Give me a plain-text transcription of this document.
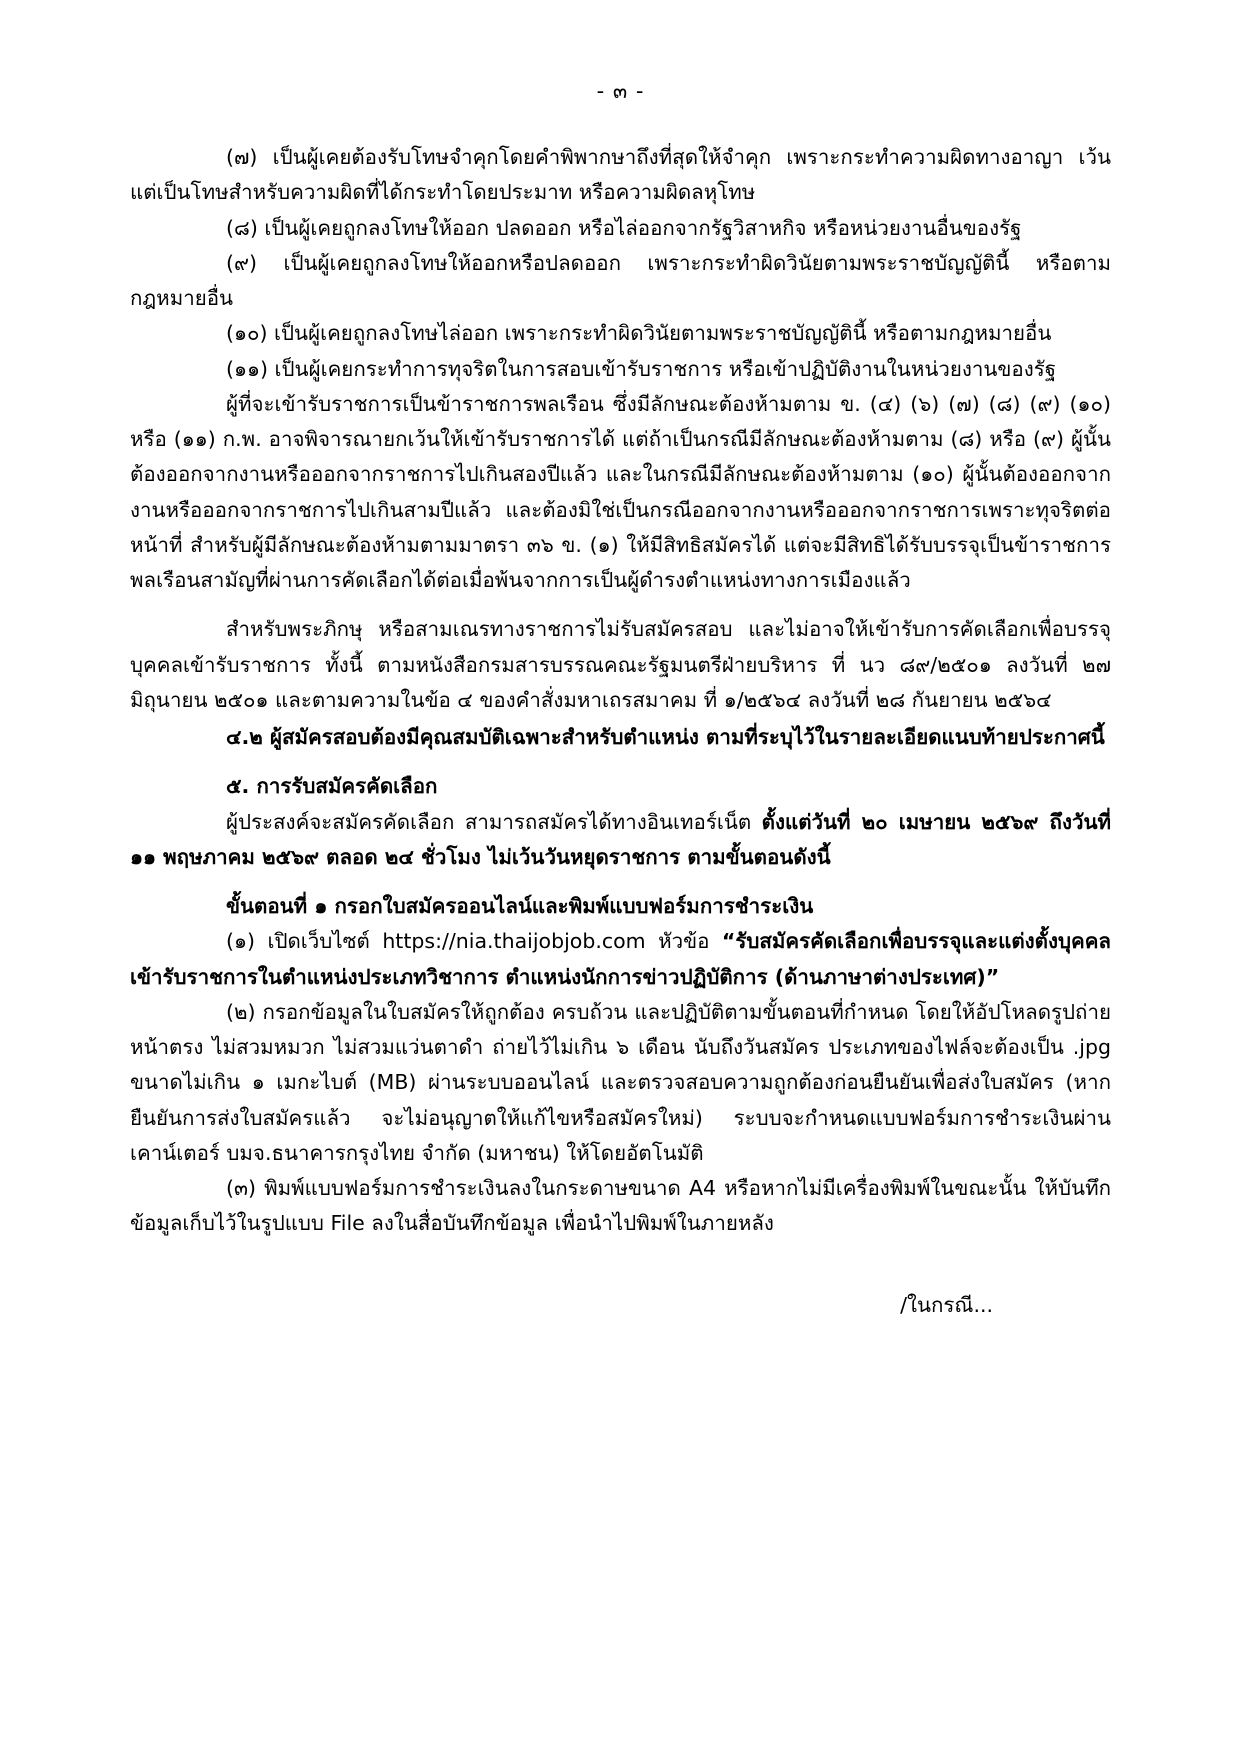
- ๓ -

(๗) เป็นผู้เคยต้องรับโทษจำคุกโดยคำพิพากษาถึงที่สุดให้จำคุก เพราะกระทำความผิดทางอาญา เว้นแต่เป็นโทษสำหรับความผิดที่ได้กระทำโดยประมาท หรือความผิดลหุโทษ

(๘) เป็นผู้เคยถูกลงโทษให้ออก ปลดออก หรือไล่ออกจากรัฐวิสาหกิจ หรือหน่วยงานอื่นของรัฐ

(๙) เป็นผู้เคยถูกลงโทษให้ออกหรือปลดออก เพราะกระทำผิดวินัยตามพระราชบัญญัตินี้ หรือตามกฎหมายอื่น

(๑๐) เป็นผู้เคยถูกลงโทษไล่ออก เพราะกระทำผิดวินัยตามพระราชบัญญัตินี้ หรือตามกฎหมายอื่น

(๑๑) เป็นผู้เคยกระทำการทุจริตในการสอบเข้ารับราชการ หรือเข้าปฏิบัติงานในหน่วยงานของรัฐ

ผู้ที่จะเข้ารับราชการเป็นข้าราชการพลเรือน ซึ่งมีลักษณะต้องห้ามตาม ข. (๔) (๖) (๗) (๘) (๙) (๑๐) หรือ (๑๑) ก.พ. อาจพิจารณายกเว้นให้เข้ารับราชการได้ แต่ถ้าเป็นกรณีมีลักษณะต้องห้ามตาม (๘) หรือ (๙) ผู้นั้นต้องออกจากงานหรือออกจากราชการไปเกินสองปีแล้ว และในกรณีมีลักษณะต้องห้ามตาม (๑๐) ผู้นั้นต้องออกจากงานหรือออกจากราชการไปเกินสามปีแล้ว และต้องมิใช่เป็นกรณีออกจากงานหรือออกจากราชการเพราะทุจริตต่อหน้าที่ สำหรับผู้มีลักษณะต้องห้ามตามมาตรา ๓๖ ข. (๑) ให้มีสิทธิสมัครได้ แต่จะมีสิทธิได้รับบรรจุเป็นข้าราชการพลเรือนสามัญที่ผ่านการคัดเลือกได้ต่อเมื่อพ้นจากการเป็นผู้ดำรงตำแหน่งทางการเมืองแล้ว

สำหรับพระภิกษุ หรือสามเณรทางราชการไม่รับสมัครสอบ และไม่อาจให้เข้ารับการคัดเลือกเพื่อบรรจุบุคคลเข้ารับราชการ ทั้งนี้ ตามหนังสือกรมสารบรรณคณะรัฐมนตรีฝ่ายบริหาร ที่ นว ๘๙/๒๕๐๑ ลงวันที่ ๒๗ มิถุนายน ๒๕๐๑ และตามความในข้อ ๔ ของคำสั่งมหาเถรสมาคม ที่ ๑/๒๕๖๔ ลงวันที่ ๒๘ กันยายน ๒๕๖๔

๔.๒ ผู้สมัครสอบต้องมีคุณสมบัติเฉพาะสำหรับตำแหน่ง ตามที่ระบุไว้ในรายละเอียดแนบท้ายประกาศนี้

๕. การรับสมัครคัดเลือก

ผู้ประสงค์จะสมัครคัดเลือก สามารถสมัครได้ทางอินเทอร์เน็ต ตั้งแต่วันที่ ๒๐ เมษายน ๒๕๖๙ ถึงวันที่ ๑๑ พฤษภาคม ๒๕๖๙ ตลอด ๒๔ ชั่วโมง ไม่เว้นวันหยุดราชการ ตามขั้นตอนดังนี้

ขั้นตอนที่ ๑ กรอกใบสมัครออนไลน์และพิมพ์แบบฟอร์มการชำระเงิน

(๑) เปิดเว็บไซต์ https://nia.thaijobjob.com หัวข้อ “รับสมัครคัดเลือกเพื่อบรรจุและแต่งตั้งบุคคลเข้ารับราชการในตำแหน่งประเภทวิชาการ ตำแหน่งนักการข่าวปฏิบัติการ (ด้านภาษาต่างประเทศ)”

(๒) กรอกข้อมูลในใบสมัครให้ถูกต้อง ครบถ้วน และปฏิบัติตามขั้นตอนที่กำหนด โดยให้อัปโหลดรูปถ่ายหน้าตรง ไม่สวมหมวก ไม่สวมแว่นตาดำ ถ่ายไว้ไม่เกิน ๖ เดือน นับถึงวันสมัคร ประเภทของไฟล์จะต้องเป็น .jpg ขนาดไม่เกิน ๑ เมกะไบต์ (MB) ผ่านระบบออนไลน์ และตรวจสอบความถูกต้องก่อนยืนยันเพื่อส่งใบสมัคร (หากยืนยันการส่งใบสมัครแล้ว จะไม่อนุญาตให้แก้ไขหรือสมัครใหม่) ระบบจะกำหนดแบบฟอร์มการชำระเงินผ่านเคาน์เตอร์ บมจ.ธนาคารกรุงไทย จำกัด (มหาชน) ให้โดยอัตโนมัติ

(๓) พิมพ์แบบฟอร์มการชำระเงินลงในกระดาษขนาด A4 หรือหากไม่มีเครื่องพิมพ์ในขณะนั้น ให้บันทึกข้อมูลเก็บไว้ในรูปแบบ File ลงในสื่อบันทึกข้อมูล เพื่อนำไปพิมพ์ในภายหลัง

/ในกรณี...
